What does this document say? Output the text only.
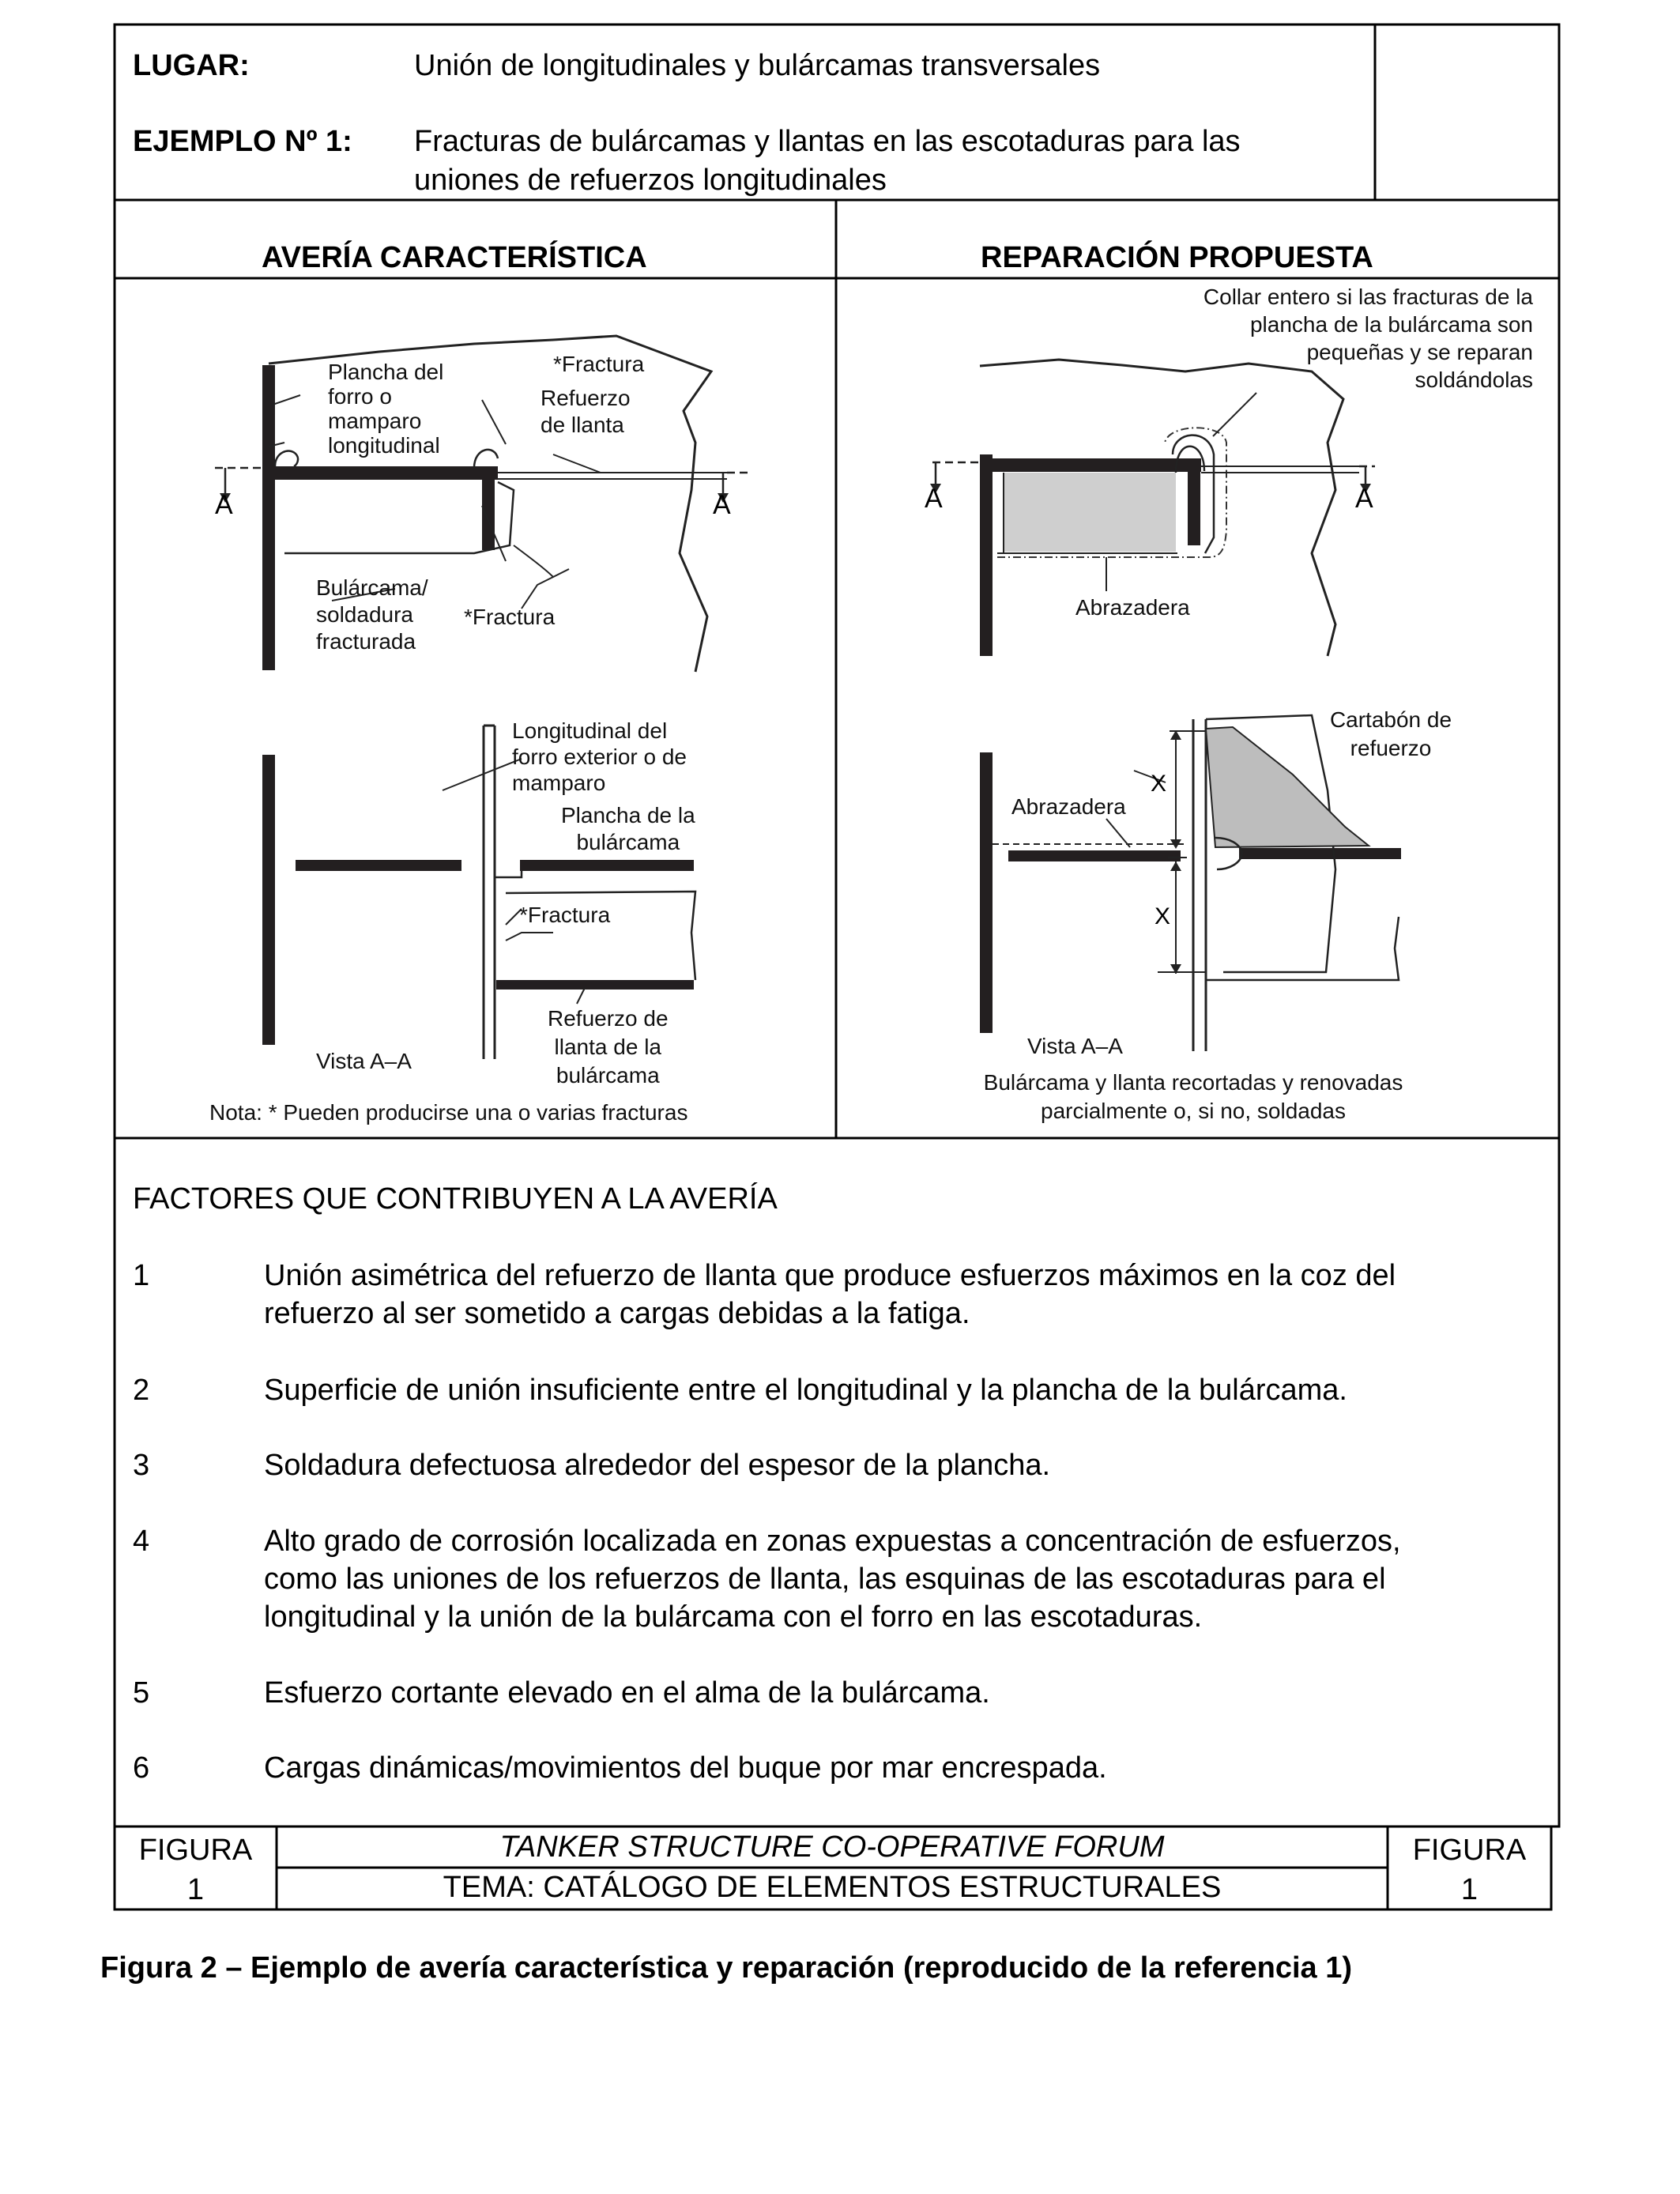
LUGAR:	Unión de longitudinales y bulárcamas transversales
EJEMPLO Nº 1: Fracturas de bulárcamas y llantas en las escotaduras para las
uniones de refuerzos longitudinales
AVERÍA CARACTERÍSTICA	REPARACIÓN PROPUESTA
Plancha del
forro o
mamparo
longitudinal
*Fractura
Refuerzo
de llanta
A	A
Bulárcama/
soldadura
fracturada
*Fractura
Longitudinal del
forro exterior o de
mamparo
Plancha de la
bulárcama
*Fractura
Refuerzo de
llanta de la
bulárcama
Vista A–A
Nota: * Pueden producirse una o varias fracturas
Collar entero si las fracturas de la
plancha de la bulárcama son
pequeñas y se reparan
soldándolas
A	A
Abrazadera
Cartabón de
refuerzo
Abrazadera
X
X
Vista A–A
Bulárcama y llanta recortadas y renovadas
parcialmente o, si no, soldadas
FACTORES QUE CONTRIBUYEN A LA AVERÍA
1	Unión asimétrica del refuerzo de llanta que produce esfuerzos máximos en la coz del
refuerzo al ser sometido a cargas debidas a la fatiga.
2	Superficie de unión insuficiente entre el longitudinal y la plancha de la bulárcama.
3	Soldadura defectuosa alrededor del espesor de la plancha.
4	Alto grado de corrosión localizada en zonas expuestas a concentración de esfuerzos,
como las uniones de los refuerzos de llanta, las esquinas de las escotaduras para el
longitudinal y la unión de la bulárcama con el forro en las escotaduras.
5	Esfuerzo cortante elevado en el alma de la bulárcama.
6	Cargas dinámicas/movimientos del buque por mar encrespada.
FIGURA
1
TANKER STRUCTURE CO-OPERATIVE FORUM
TEMA: CATÁLOGO DE ELEMENTOS ESTRUCTURALES
FIGURA
1
Figura 2 – Ejemplo de avería característica y reparación (reproducido de la referencia 1)
